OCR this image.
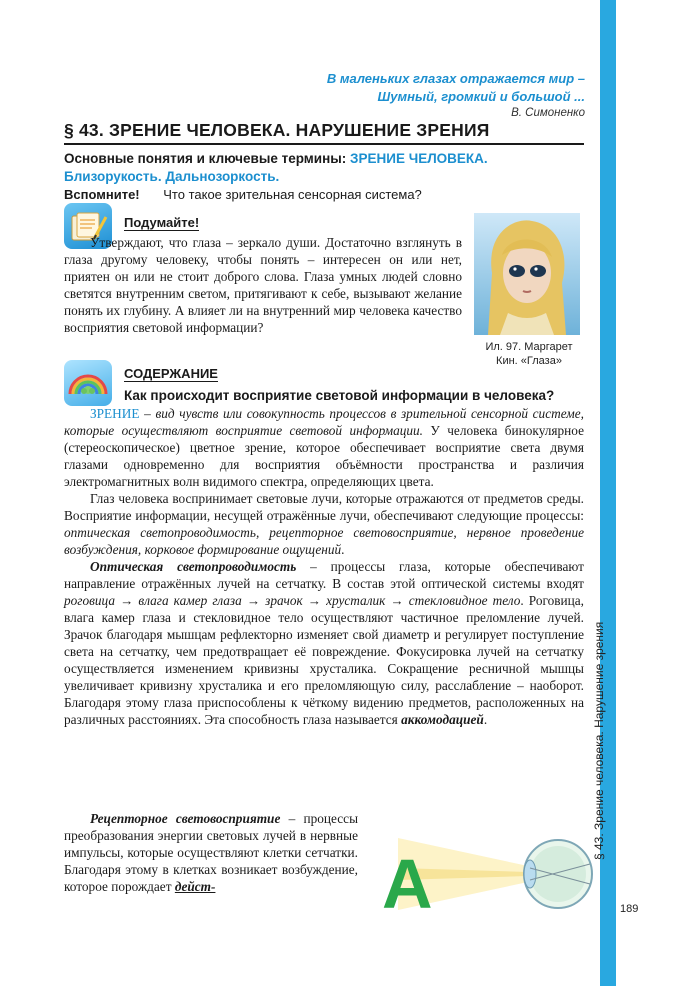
§ 43. Зрение человека. Нарушение зрения
189
В маленьких глазах отражается мир –
Шумный, громкий и большой ...
В. Симоненко
§ 43. ЗРЕНИЕ ЧЕЛОВЕКА. НАРУШЕНИЕ ЗРЕНИЯ
Основные понятия и ключевые термины: ЗРЕНИЕ ЧЕЛОВЕКА. Близорукость. Дальнозоркость.
Вспомните! Что такое зрительная сенсорная система?
Подумайте!

Утверждают, что глаза – зеркало души. Достаточно взглянуть в глаза другому человеку, чтобы понять – интересен он или нет, приятен он или не стоит доброго слова. Глаза умных людей словно светятся внутренним светом, притягивают к себе, вызывают желание понять их глубину. А влияет ли на внутренний мир человека качество восприятия световой информации?

Ил. 97. Маргарет
Кин. «Глаза»
СОДЕРЖАНИЕ
Как происходит восприятие световой информации в человека?

ЗРЕНИЕ – вид чувств или совокупность процессов в зрительной сенсорной системе, которые осуществляют восприятие световой информации. У человека бинокулярное (стереоскопическое) цветное зрение, которое обеспечивает восприятие света двумя глазами одновременно для восприятия объёмности пространства и различия электромагнитных волн видимого спектра, определяющих цвета.

Глаз человека воспринимает световые лучи, которые отражаются от предметов среды. Восприятие информации, несущей отражённые лучи, обеспечивают следующие процессы: оптическая светопроводимость, рецепторное световосприятие, нервное проведение возбуждения, корковое формирование ощущений.

Оптическая светопроводимость – процессы глаза, которые обеспечивают направление отражённых лучей на сетчатку. В состав этой оптической системы входят роговица → влага камер глаза → зрачок → хрусталик → стекловидное тело. Роговица, влага камер глаза и стекловидное тело осуществляют частичное преломление лучей. Зрачок благодаря мышцам рефлекторно изменяет свой диаметр и регулирует поступление света на сетчатку, чем предотвращает её повреждение. Фокусировка лучей на сетчатку осуществляется изменением кривизны хрусталика. Сокращение ресничной мышцы увеличивает кривизну хрусталика и его преломляющую силу, расслабление – наоборот. Благодаря этому глаза приспособлены к чёткому видению предметов, расположенных на различных расстояниях. Эта способность глаза называется аккомодацией.

Рецепторное световосприятие – процессы преобразования энергии световых лучей в нервные импульсы, которые осуществляют клетки сетчатки. Благодаря этому в клетках возникает возбуждение, которое порождает дейст-	A
